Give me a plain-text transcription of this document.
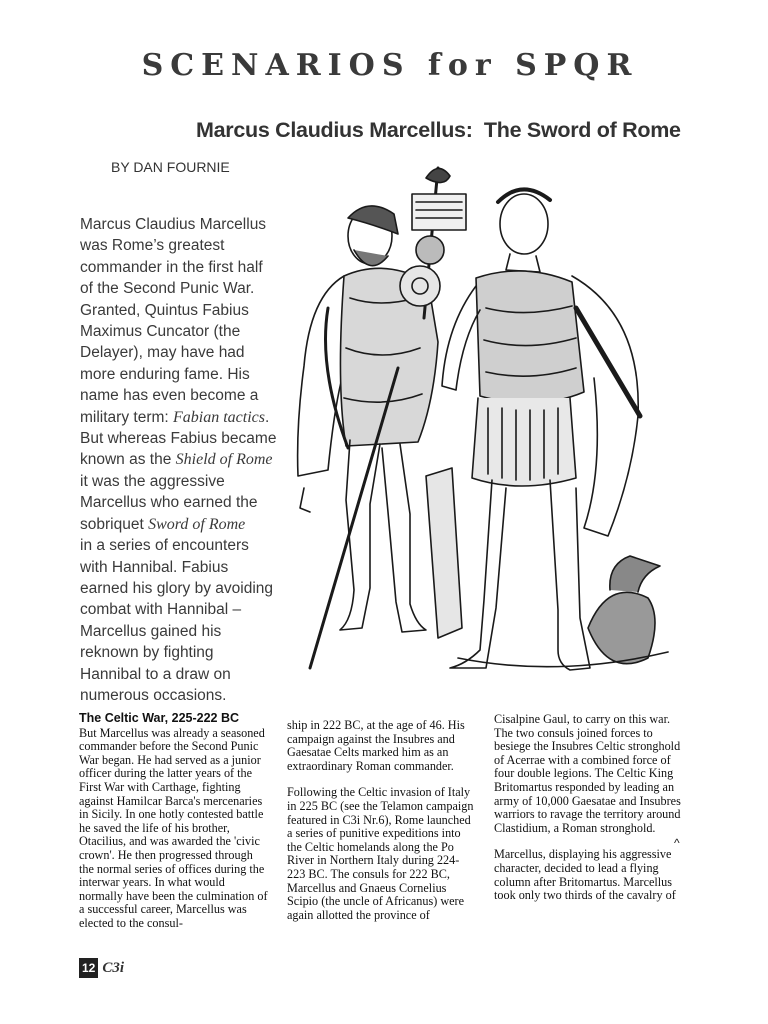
SCENARIOS for SPQR
Marcus Claudius Marcellus:  The Sword of Rome
BY DAN FOURNIE
Marcus Claudius Marcellus
was Rome’s greatest
commander in the first half
of the Second Punic War.
Granted, Quintus Fabius
Maximus Cuncator (the
Delayer), may have had
more enduring fame. His
name has even become a
military term: Fabian tactics.
But whereas Fabius became
known as the Shield of Rome
it was the aggressive
Marcellus who earned the
sobriquet Sword of Rome
in a series of encounters
with Hannibal. Fabius
earned his glory by avoiding
combat with Hannibal –
Marcellus gained his
reknown by fighting
Hannibal to a draw on
numerous occasions.
The Celtic War, 225-222 BC

But Marcellus was already a seasoned commander before the Second Punic War began. He had served as a junior officer during the latter years of the First War with Carthage, fighting against Hamilcar Barca's mercenaries in Sicily. In one hotly contested battle he saved the life of his brother, Otacilius, and was awarded the 'civic crown'. He then progressed through the normal series of offices during the interwar years. In what would normally have been the culmination of a successful career, Marcellus was elected to the consul-

ship in 222 BC, at the age of 46. His campaign against the Insubres and Gaesatae Celts marked him as an extraordinary Roman commander.

Following the Celtic invasion of Italy in 225 BC (see the Telamon campaign featured in C3i Nr.6), Rome launched a series of punitive expeditions into the Celtic homelands along the Po River in Northern Italy during 224-223 BC. The consuls for 222 BC, Marcellus and Gnaeus Cornelius Scipio (the uncle of Africanus) were again allotted the province of

Cisalpine Gaul, to carry on this war. The two consuls joined forces to besiege the Insubres Celtic stronghold of Acerrae with a combined force of four double legions. The Celtic King Britomartus responded by leading an army of 10,000 Gaesatae and Insubres warriors to ravage the territory around Clastidium, a Roman stronghold.

Marcellus, displaying his aggressive character, decided to lead a flying column after Britomartus. Marcellus took only two thirds of the cavalry of

^
12 C3i
